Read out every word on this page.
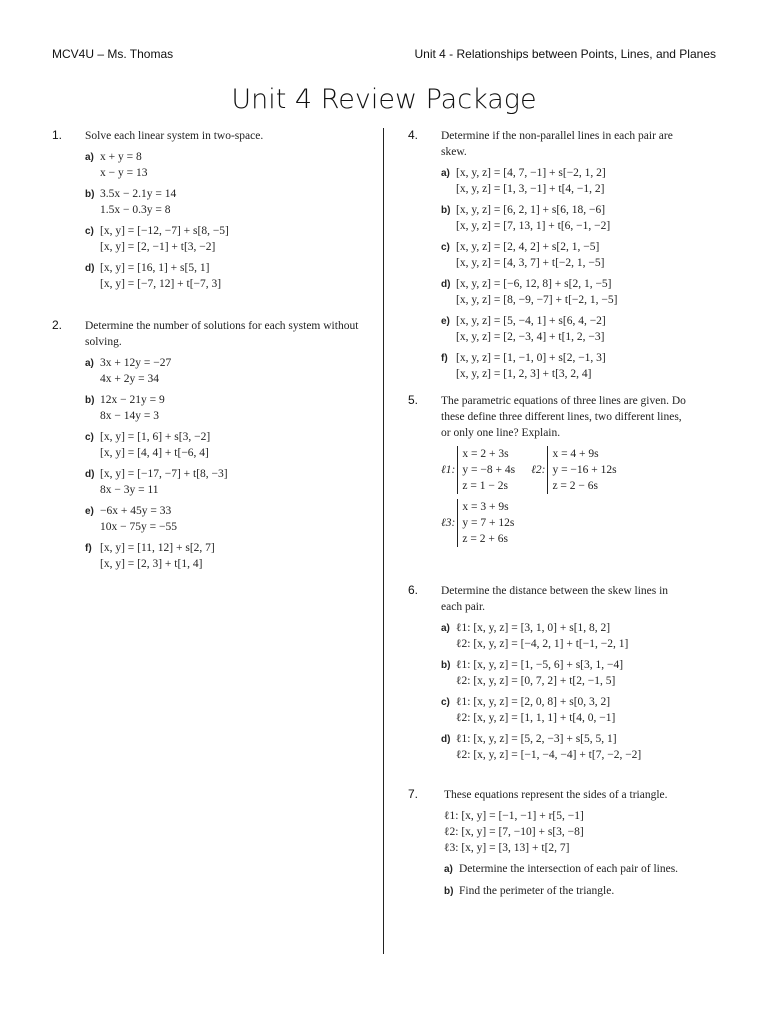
MCV4U – Ms. Thomas	Unit 4 - Relationships between Points, Lines, and Planes
Unit 4 Review Package
1. Solve each linear system in two-space.
a) x + y = 8
x − y = 13
b) 3.5x − 2.1y = 14
1.5x − 0.3y = 8
c) [x, y] = [−12, −7] + s[8, −5]
[x, y] = [2, −1] + t[3, −2]
d) [x, y] = [16, 1] + s[5, 1]
[x, y] = [−7, 12] + t[−7, 3]
2. Determine the number of solutions for each system without solving.
a) 3x + 12y = −27
4x + 2y = 34
b) 12x − 21y = 9
8x − 14y = 3
c) [x, y] = [1, 6] + s[3, −2]
[x, y] = [4, 4] + t[−6, 4]
d) [x, y] = [−17, −7] + t[8, −3]
8x − 3y = 11
e) −6x + 45y = 33
10x − 75y = −55
f) [x, y] = [11, 12] + s[2, 7]
[x, y] = [2, 3] + t[1, 4]
4. Determine if the non-parallel lines in each pair are skew.
a) [x, y, z] = [4, 7, −1] + s[−2, 1, 2]
[x, y, z] = [1, 3, −1] + t[4, −1, 2]
b) [x, y, z] = [6, 2, 1] + s[6, 18, −6]
[x, y, z] = [7, 13, 1] + t[6, −1, −2]
c) [x, y, z] = [2, 4, 2] + s[2, 1, −5]
[x, y, z] = [4, 3, 7] + t[−2, 1, −5]
d) [x, y, z] = [−6, 12, 8] + s[2, 1, −5]
[x, y, z] = [8, −9, −7] + t[−2, 1, −5]
e) [x, y, z] = [5, −4, 1] + s[6, 4, −2]
[x, y, z] = [2, −3, 4] + t[1, 2, −3]
f) [x, y, z] = [1, −1, 0] + s[2, −1, 3]
[x, y, z] = [1, 2, 3] + t[3, 2, 4]
5. The parametric equations of three lines are given. Do these define three different lines, two different lines, or only one line? Explain.
ℓ1:
x = 2 + 3s
y = −8 + 4s
z = 1 − 2s
ℓ2:
x = 4 + 9s
y = −16 + 12s
z = 2 − 6s
ℓ3:
x = 3 + 9s
y = 7 + 12s
z = 2 + 6s
6. Determine the distance between the skew lines in each pair.
a) ℓ1: [x, y, z] = [3, 1, 0] + s[1, 8, 2]
ℓ2: [x, y, z] = [−4, 2, 1] + t[−1, −2, 1]
b) ℓ1: [x, y, z] = [1, −5, 6] + s[3, 1, −4]
ℓ2: [x, y, z] = [0, 7, 2] + t[2, −1, 5]
c) ℓ1: [x, y, z] = [2, 0, 8] + s[0, 3, 2]
ℓ2: [x, y, z] = [1, 1, 1] + t[4, 0, −1]
d) ℓ1: [x, y, z] = [5, 2, −3] + s[5, 5, 1]
ℓ2: [x, y, z] = [−1, −4, −4] + t[7, −2, −2]
7. These equations represent the sides of a triangle.
ℓ1: [x, y] = [−1, −1] + r[5, −1]
ℓ2: [x, y] = [7, −10] + s[3, −8]
ℓ3: [x, y] = [3, 13] + t[2, 7]
a) Determine the intersection of each pair of lines.
b) Find the perimeter of the triangle.
